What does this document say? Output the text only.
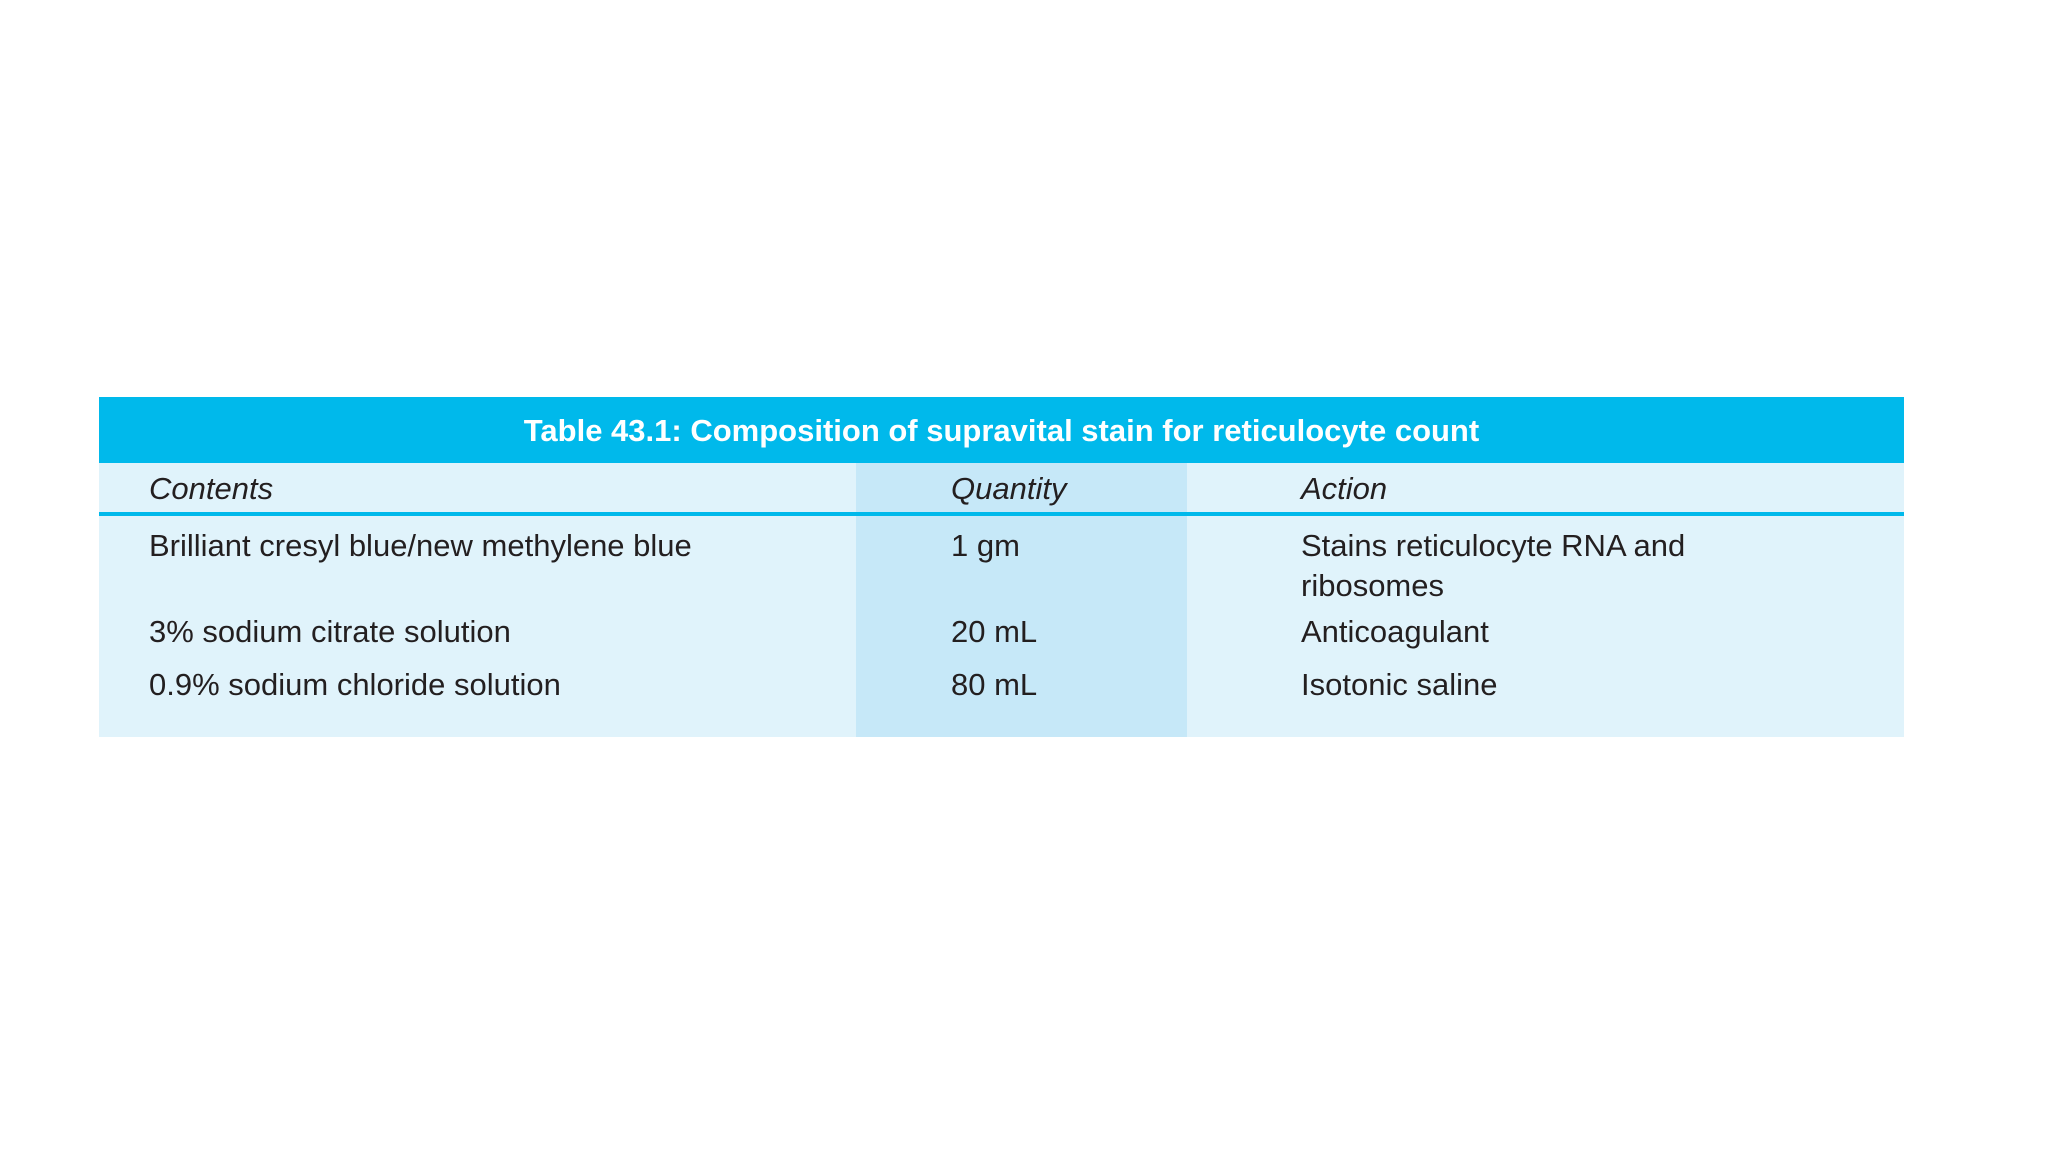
Table 43.1: Composition of supravital stain for reticulocyte count
Contents	Quantity	Action
Brilliant cresyl blue/new methylene blue	1 gm	Stains reticulocyte RNA and ribosomes
3% sodium citrate solution	20 mL	Anticoagulant
0.9% sodium chloride solution	80 mL	Isotonic saline
